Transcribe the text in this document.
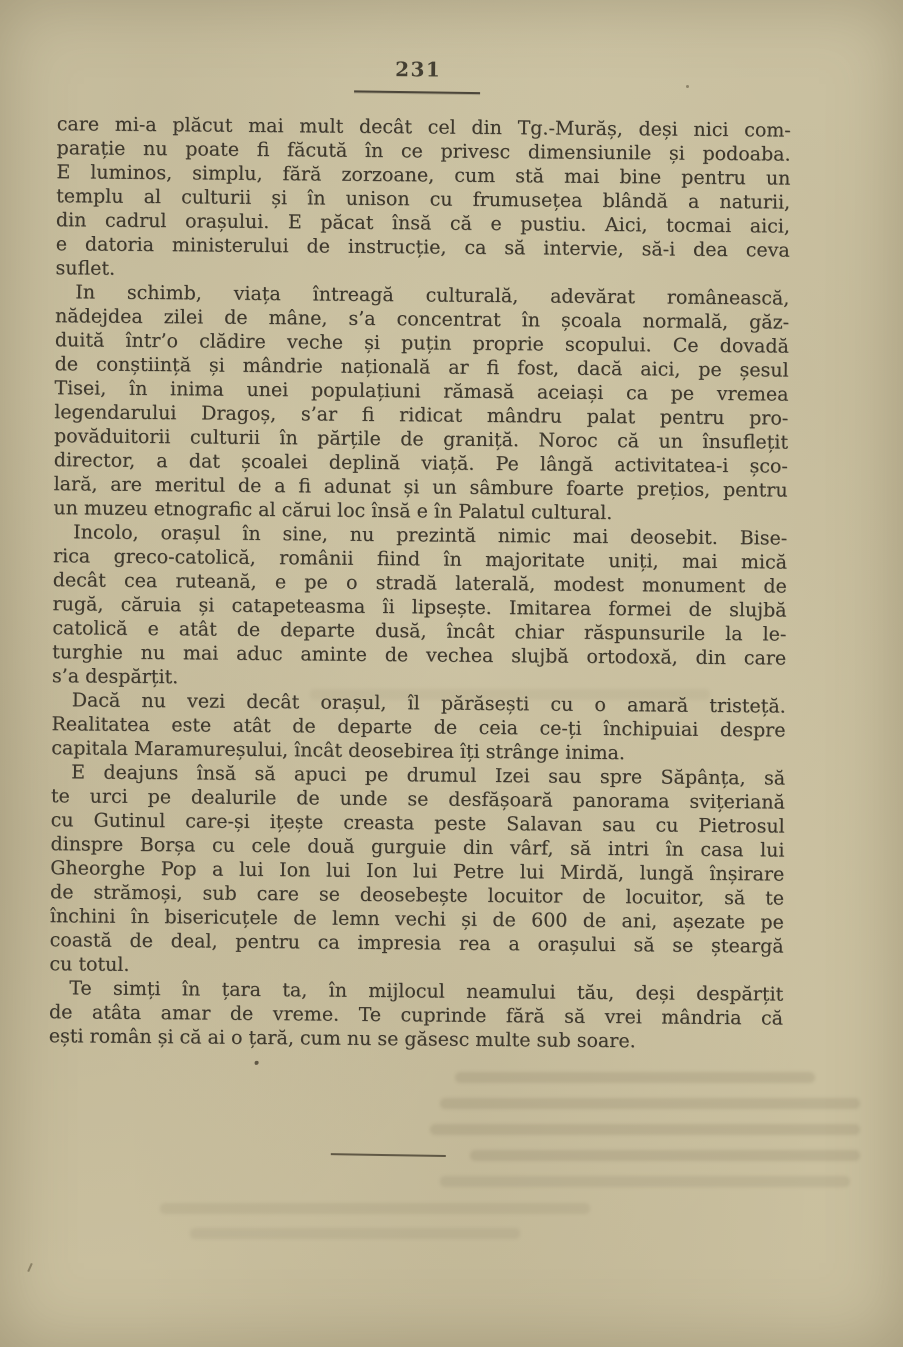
231

care mi-a plăcut mai mult decât cel din Tg.-Murăș, deși nici com-
parație nu poate fi făcută în ce privesc dimensiunile și podoaba.
E luminos, simplu, fără zorzoane, cum stă mai bine pentru un
templu al culturii și în unison cu frumusețea blândă a naturii,
din cadrul orașului. E păcat însă că e pustiu. Aici, tocmai aici,
e datoria ministerului de instrucție, ca să intervie, să-i dea ceva
suflet.

In schimb, viața întreagă culturală, adevărat românească,
nădejdea zilei de mâne, s’a concentrat în școala normală, găz-
duită într’o clădire veche și puțin proprie scopului. Ce dovadă
de conștiință și mândrie națională ar fi fost, dacă aici, pe șesul
Tisei, în inima unei populațiuni rămasă aceiași ca pe vremea
legendarului Dragoș, s’ar fi ridicat mândru palat pentru pro-
povăduitorii culturii în părțile de graniță. Noroc că un însuflețit
director, a dat școalei deplină viață. Pe lângă activitatea-i șco-
lară, are meritul de a fi adunat și un sâmbure foarte prețios, pentru
un muzeu etnografic al cărui loc însă e în Palatul cultural.

Incolo, orașul în sine, nu prezintă nimic mai deosebit. Bise-
rica greco-catolică, românii fiind în majoritate uniți, mai mică
decât cea ruteană, e pe o stradă laterală, modest monument de
rugă, căruia și catapeteasma îi lipsește. Imitarea formei de slujbă
catolică e atât de departe dusă, încât chiar răspunsurile la le-
turghie nu mai aduc aminte de vechea slujbă ortodoxă, din care
s’a despărțit.

Dacă nu vezi decât orașul, îl părăsești cu o amară tristeță.
Realitatea este atât de departe de ceia ce-ți închipuiai despre
capitala Maramureșului, încât deosebirea îți strânge inima.

E deajuns însă să apuci pe drumul Izei sau spre Săpânța, să
te urci pe dealurile de unde se desfășoară panorama svițeriană
cu Gutinul care-și ițește creasta peste Salavan sau cu Pietrosul
dinspre Borșa cu cele două gurguie din vârf, să intri în casa lui
Gheorghe Pop a lui Ion lui Ion lui Petre lui Mirdă, lungă înșirare
de strămoși, sub care se deosebește locuitor de locuitor, să te
închini în bisericuțele de lemn vechi și de 600 de ani, așezate pe
coastă de deal, pentru ca impresia rea a orașului să se șteargă
cu totul.

Te simți în țara ta, în mijlocul neamului tău, deși despărțit
de atâta amar de vreme. Te cuprinde fără să vrei mândria că
ești român și că ai o țară, cum nu se găsesc multe sub soare.
